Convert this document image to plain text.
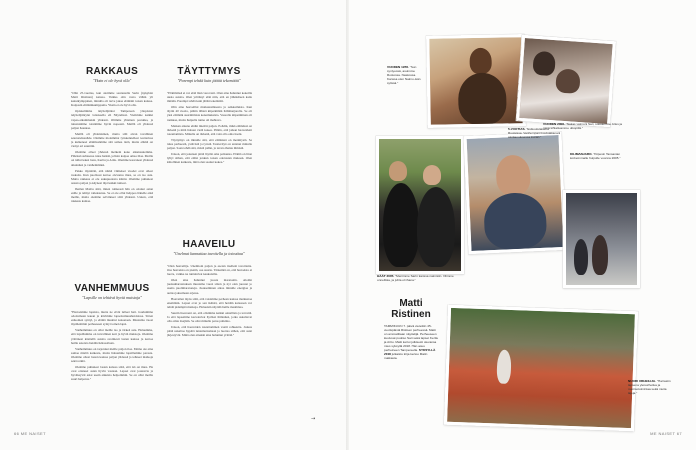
RAKKAUS
"Yksin ei ole hyvä olla"

"Olin 25-vuotias, kun aloimme seurustella Sarin (nykyisin Matti Ristinen) kanssa. Vaikka olin vasta vähän yli kaksikymppinen, minulla oli tarve jakaa elämäni toisen kanssa. Kaipasin elämänkumppania. Yksin ei ole hyvä olla.

Opiskelimme näyttelijöiksi Tampereen yliopiston näyttelijäntyön laitoksella eli Näytelissä. Vietimme kaikki vapaa-aikammekin yhdessä. Olimme yhteinen porukka, ja tutustuimme toisiimme hyvin nopeasti. Meillä oli yhdessä paljon hauskaa.

Meillä oli yhdenlainen, mutta silti aivan tavallinen seurustelusuhde. Olemme molemmat työskennelleet teatterissa ja kulkeneet elämässämme sitä samaa tietä, mutta elämä on vienyt eri suuntiin.

Olemme olleet yhdessä melkein koko aikuisuutemme. Pitkässä suhteessa tulee hetkiä, jolloin kaipaa omaa tilaa. Meille on tullut kaksi lasta, Kerttu ja Arttu. Olemme kasvaneet yhdessä aikuisiksi ja vanhemmiksi.

Pakko myöntää, että nämä viimeiset vuodet ovat olleet raskaita. Kun puolisosi kertoo olevansa mies, se on iso asia. Mutta rakkaus ei ole sukupuolesta kiinni. Olemme puhuneet asiasta paljon ja käyneet läpi kaikki tunteet.

Ihailen Mattia siitä, miten rohkeasti hän on ottanut asian esille ja tehnyt ratkaisunsa. Se ei ole ollut helppoa hänelle eikä meille, mutta olemme selvinneet siitä yhdessä. Uskon, että rakkaus kantaa.

VANHEMMUUS
"Lapsille on tehtävä hyviä muistoja"

"Haaveimme lapsista, mutta ne eivät tulleet heti. Jouduimme odottamaan kauan ja kävimme lapsettomuushoidoissa. Sitten esikoinen syntyi, ja elämä muuttui kokonaan. Muutama vuosi myöhemmin perheeseen syntyi toinen lapsi.

Vanhemmuus on ollut meille iso ja tärkeä asia. Haluamme, että lapsillamme on turvallinen koti ja hyviä muistoja. Olemme yrittäneet käsitellä asioita avoimesti lasten kanssa ja kertoa heille asioista heidän ikätasollaan.

Vanhemmuus on tarjonnut meille paljon iloa. Emme ole aina samaa mieltä kaikesta, mutta haluamme lapsillemme parasta. Olemme olleet lasten kanssa paljon yhdessä ja tehneet matkoja sekä retkiä.

Olemme puhuneet lasten kanssa siitä, että isä on mies. He ovat ottaneet asian hyvin vastaan. Lapset ovat joustavia ja hyväksyvät asiat usein aikuisia helpommin. Se on ollut meille suuri helpotus."

TÄYTTYMYS
"Parempi tehdä kuin jättää tekemättä"

"Elämäänsä ei voi elää liian varovasti. Olen aina halunnut kokeilla uusia asioita. Olen yrittänyt elää niin, että en jälkikäteen kadu mitään. Parempi tehdä kuin jättää tekemättä.

Olin aina haaveillut matkustamisesta ja seikkailuista. Kun täytin 40 vuotta, päätin lähteä kiipeämään Kilimanjarolle. Se oli yksi elämäni suurimmista kokemuksista. Vuorelle kiipeäminen oli rankkaa, mutta huipulla tunne oli mahtava.

Matkan aikana ehdin miettiä paljon. Pohdin, mikä elämässä on tärkeää ja mitä haluan vielä kokea. Päätin, että jatkan haaveideni toteuttamista. Minulle on tärkeää, että voin olla oma itseni.

Täyttymys on minulle sitä, että elämässä on merkitystä. Se tulee perheestä, ystävistä ja työstä. Teatterityö on antanut minulle paljon. Saan tehdä sitä, mistä pidän, ja tavata ihania ihmisiä.

Uskon, että jokaisen pitää löytää oma polkunsa. Elämä on liian lyhyt siihen, että eläisi jonkun toisen odotusten mukaan. Olen kiitollinen kaikesta, mitä olen saanut kokea."

HAAVEILU
"Unelmat kannattaa tavoitella ja toteuttaa"

"Olen haaveilija. Unelmoin paljon ja asetan itselleni tavoitteita. Osa haaveista on pieniä, osa suuria. Tärkeintä on, että haaveista ei luovu, vaikka ne tuntuisivat kaukaisilta.

Olen aina halunnut juosta maratonin. Aloitin juoksuharrastuksen muutama vuosi sitten ja nyt olen juossut jo useita puolimaratoneja. Juokseminen antaa minulle energiaa ja auttaa jaksamaan arjessa.

Haaveilen myös siitä, että voisimme perheen kanssa matkustaa enemmän. Lapset ovat jo sen ikäisiä, että heidän kanssaan voi tehdä pidempiä matkoja. Haluaisin näyttää heille maailmaa.

Suurin haaveeni on, että olisimme kaikki onnellisia ja terveitä. Ja että lapsemme kasvaisivat hyviksi ihmisiksi, jotka uskaltavat olla omia itsejään. Se olisi minulle paras palkinto.

Uskon, että haaveiden toteuttaminen vaatii rohkeutta. Joskus pitää uskaltaa hypätä tuntemattomaan ja luottaa siihen, että asiat järjestyvät. Minä olen ainakin aina halunnut yrittää."

66 ME NAISET
→
ME NAISET 67
VUODEN 1978. "Sun syntyessä, asuimme Rostossa. Naskossa. Kanssa olen Naimo-isän sylissä."
VUODEN 2008. "Nakas vaimoni Sari, sokoiemme Arles ja minä kihlattuamme ulkopiilä."
HÄÄT 2005. "Menimme Sarin kanssa naimisiin. Olimme onnellisia, ja juhla oli ihana."
5-VUOTIAS. "Esikoululaisena Ruotsissa. Vanhempani kouluaikanani aloittamuksessa kuvan."
KILIMANJARO. "Kiipesin Tansanian korkeimmalle huipulle vuonna 2005."
Matti
Ristinen
TAMMIKUUN 7. päivä vietettiin 45-vuotispäiviä Ristisen perheessä. Matti on ammatiltaan näyttelijä. Perheeseen kuuluvat puoliso Sari sekä lapset Kerttu ja Arttu. Matti kertoi julkisesti olevansa mies syksyllä 2018. Hän asuu perheineen Tampereella. SYKSYLLÄ 2018 julkaistu kirja kertoo Matin matkasta.
NUORI URHEILIJA. "Harrastin lapsena yleisurheilua ja nuorisotoimintaa sekä muita lajeja."
